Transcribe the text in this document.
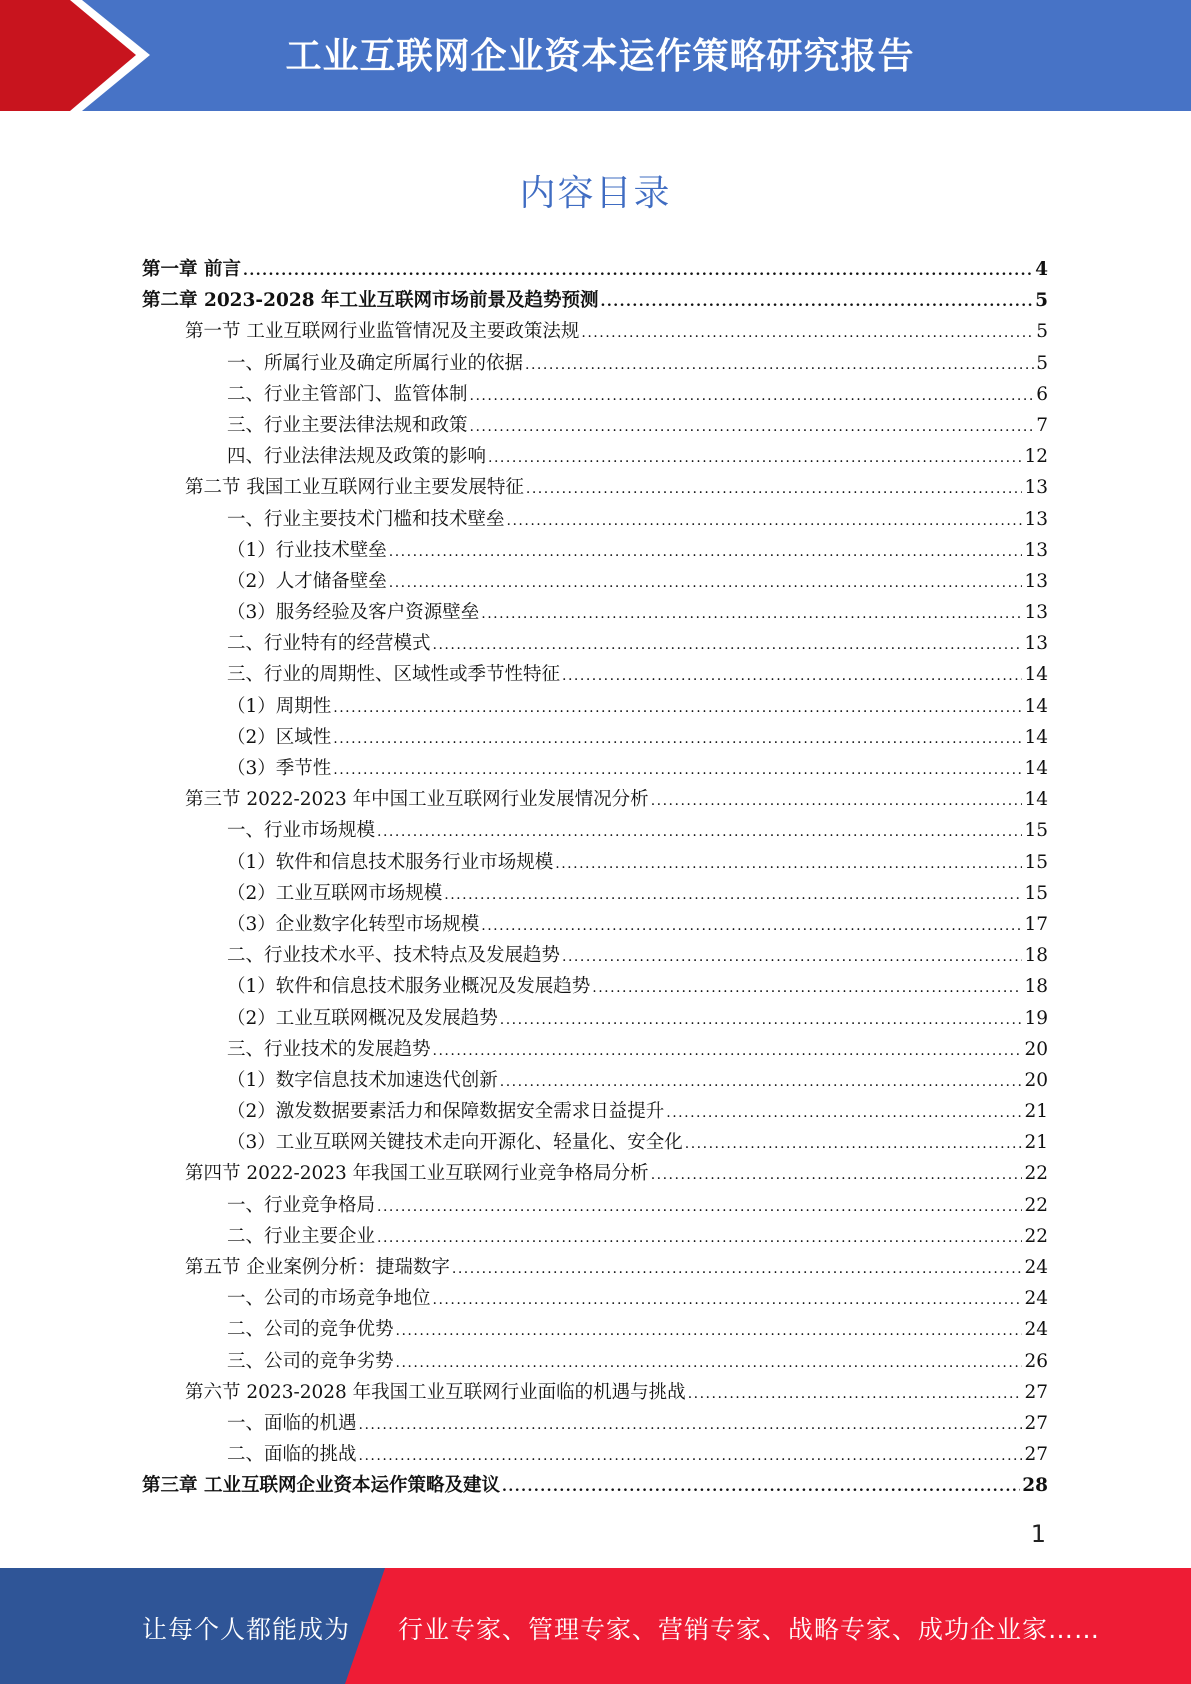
工业互联网企业资本运作策略研究报告
内容目录
第一章 前言 .....	4
第二章 2023-2028 年工业互联网市场前景及趋势预测 .....	5
第一节 工业互联网行业监管情况及主要政策法规 .....	5
一、所属行业及确定所属行业的依据 .....	5
二、行业主管部门、监管体制 .....	6
三、行业主要法律法规和政策 .....	7
四、行业法律法规及政策的影响 .....	12
第二节 我国工业互联网行业主要发展特征 .....	13
一、行业主要技术门槛和技术壁垒 .....	13
（1）行业技术壁垒 .....	13
（2）人才储备壁垒 .....	13
（3）服务经验及客户资源壁垒 .....	13
二、行业特有的经营模式 .....	13
三、行业的周期性、区域性或季节性特征 .....	14
（1）周期性 .....	14
（2）区域性 .....	14
（3）季节性 .....	14
第三节 2022-2023 年中国工业互联网行业发展情况分析 .....	14
一、行业市场规模 .....	15
（1）软件和信息技术服务行业市场规模 .....	15
（2）工业互联网市场规模 .....	15
（3）企业数字化转型市场规模 .....	17
二、行业技术水平、技术特点及发展趋势 .....	18
（1）软件和信息技术服务业概况及发展趋势 .....	18
（2）工业互联网概况及发展趋势 .....	19
三、行业技术的发展趋势 .....	20
（1）数字信息技术加速迭代创新 .....	20
（2）激发数据要素活力和保障数据安全需求日益提升 .....	21
（3）工业互联网关键技术走向开源化、轻量化、安全化 .....	21
第四节 2022-2023 年我国工业互联网行业竞争格局分析 .....	22
一、行业竞争格局 .....	22
二、行业主要企业 .....	22
第五节 企业案例分析：捷瑞数字 .....	24
一、公司的市场竞争地位 .....	24
二、公司的竞争优势 .....	24
三、公司的竞争劣势 .....	26
第六节 2023-2028 年我国工业互联网行业面临的机遇与挑战 .....	27
一、面临的机遇 .....	27
二、面临的挑战 .....	27
第三章 工业互联网企业资本运作策略及建议 .....	28
1
让每个人都能成为 行业专家、管理专家、营销专家、战略专家、成功企业家……
